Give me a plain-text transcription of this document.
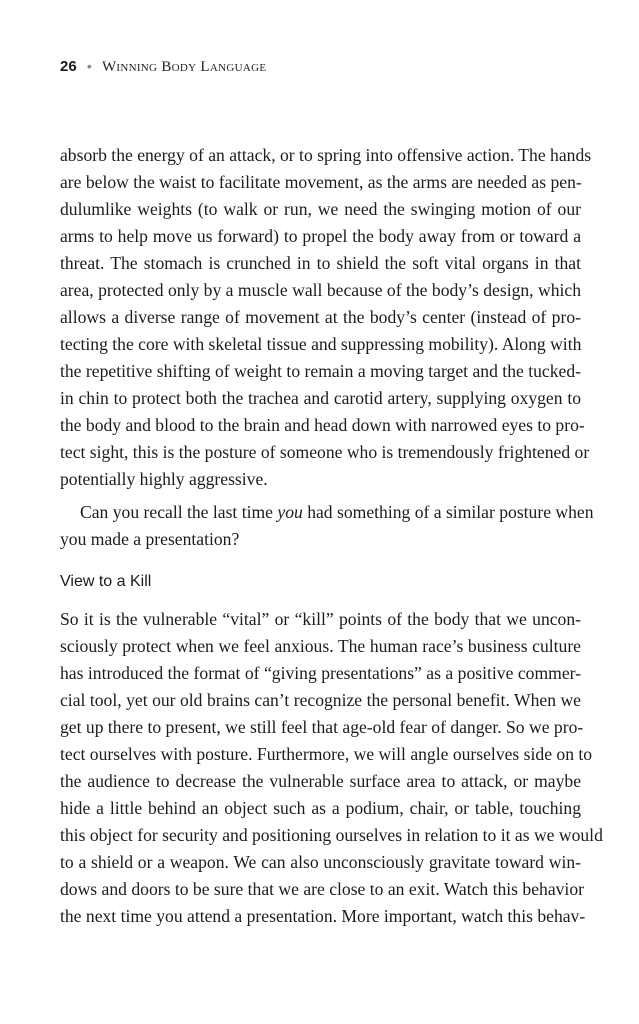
26 • Winning Body Language
absorb the energy of an attack, or to spring into offensive action. The hands
are below the waist to facilitate movement, as the arms are needed as pen-
dulumlike weights (to walk or run, we need the swinging motion of our
arms to help move us forward) to propel the body away from or toward a
threat. The stomach is crunched in to shield the soft vital organs in that
area, protected only by a muscle wall because of the body’s design, which
allows a diverse range of movement at the body’s center (instead of pro-
tecting the core with skeletal tissue and suppressing mobility). Along with
the repetitive shifting of weight to remain a moving target and the tucked-
in chin to protect both the trachea and carotid artery, supplying oxygen to
the body and blood to the brain and head down with narrowed eyes to pro-
tect sight, this is the posture of someone who is tremendously frightened or
potentially highly aggressive.
Can you recall the last time you had something of a similar posture when
you made a presentation?
View to a Kill
So it is the vulnerable “vital” or “kill” points of the body that we uncon-
sciously protect when we feel anxious. The human race’s business culture
has introduced the format of “giving presentations” as a positive commer-
cial tool, yet our old brains can’t recognize the personal benefit. When we
get up there to present, we still feel that age-old fear of danger. So we pro-
tect ourselves with posture. Furthermore, we will angle ourselves side on to
the audience to decrease the vulnerable surface area to attack, or maybe
hide a little behind an object such as a podium, chair, or table, touching
this object for security and positioning ourselves in relation to it as we would
to a shield or a weapon. We can also unconsciously gravitate toward win-
dows and doors to be sure that we are close to an exit. Watch this behavior
the next time you attend a presentation. More important, watch this behav-
